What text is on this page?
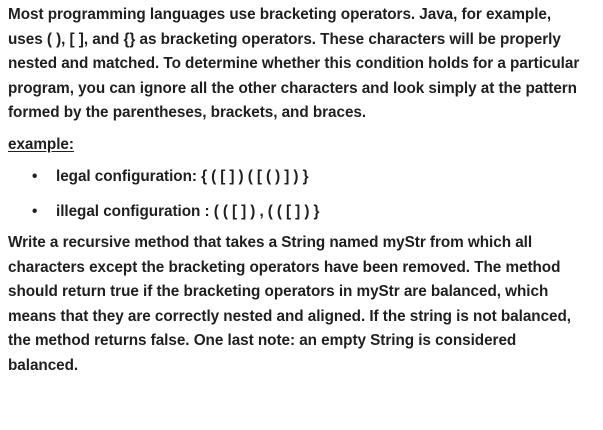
Most programming languages use bracketing operators. Java, for example, uses ( ), [ ], and {} as bracketing operators. These characters will be properly nested and matched. To determine whether this condition holds for a particular program, you can ignore all the other characters and look simply at the pattern formed by the parentheses, brackets, and braces.

example:

• legal configuration: { ( [ ] ) ( [ ( ) ] ) }
• illegal configuration : ( ( [ ] ) , ( ( [ ] ) }

Write a recursive method that takes a String named myStr from which all characters except the bracketing operators have been removed. The method should return true if the bracketing operators in myStr are balanced, which means that they are correctly nested and aligned. If the string is not balanced, the method returns false. One last note: an empty String is considered balanced.
